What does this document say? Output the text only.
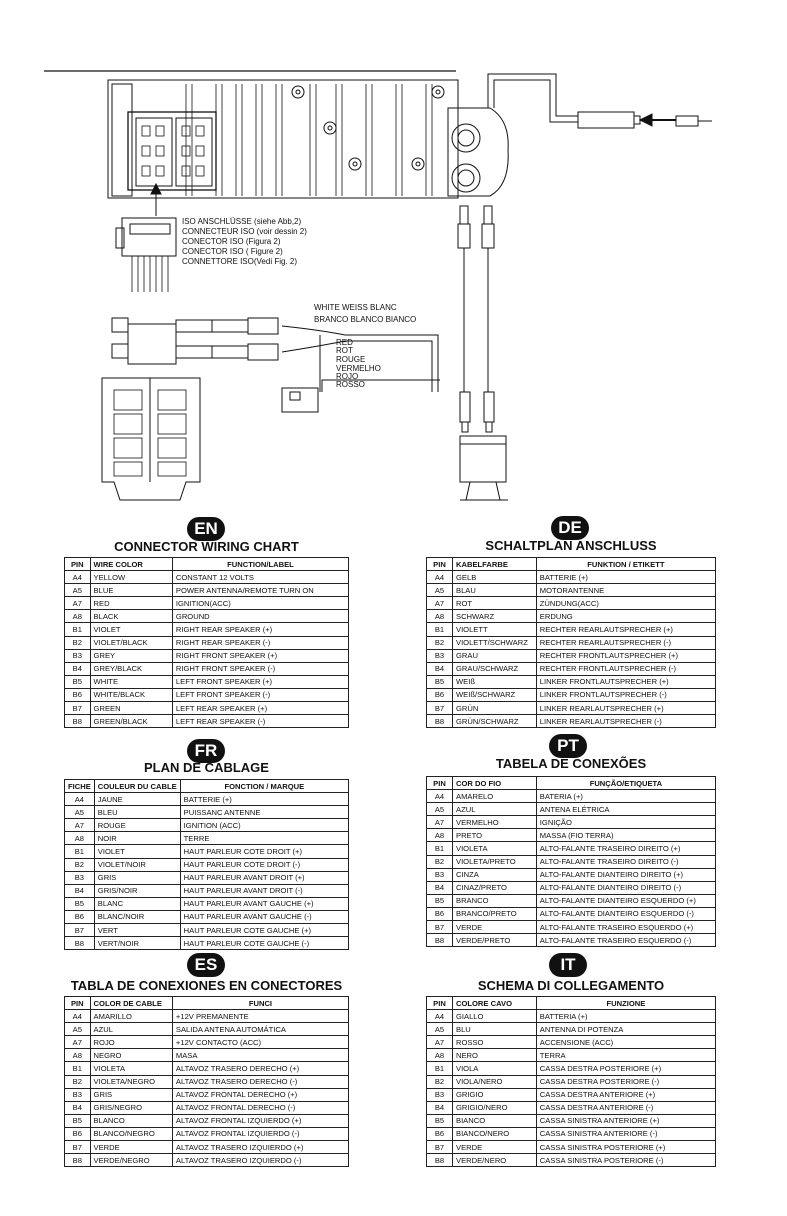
ISO ANSCHLÜSSE (siehe Abb,2)
CONNECTEUR ISO (voir dessin 2)
CONECTOR ISO (Figura 2)
CONECTOR ISO ( Figure 2)
CONNETTORE ISO(Vedi Fig. 2)
WHITE WEISS BLANC
BRANCO BLANCO BIANCO
RED
ROT
ROUGE
VERMELHO
ROJO
ROSSO
EN
CONNECTOR WIRING CHART
PIN	WIRE COLOR	FUNCTION/LABEL
A4	YELLOW	CONSTANT 12 VOLTS
A5	BLUE	POWER ANTENNA/REMOTE TURN ON
A7	RED	IGNITION(ACC)
A8	BLACK	GROUND
B1	VIOLET	RIGHT REAR SPEAKER (+)
B2	VIOLET/BLACK	RIGHT REAR SPEAKER (-)
B3	GREY	RIGHT FRONT SPEAKER (+)
B4	GREY/BLACK	RIGHT FRONT SPEAKER (-)
B5	WHITE	LEFT FRONT SPEAKER (+)
B6	WHITE/BLACK	LEFT FRONT SPEAKER (-)
B7	GREEN	LEFT REAR SPEAKER (+)
B8	GREEN/BLACK	LEFT REAR SPEAKER (-)
DE
SCHALTPLAN ANSCHLUSS
PIN	KABELFARBE	FUNKTION / ETIKETT
A4	GELB	BATTERIE (+)
A5	BLAU	MOTORANTENNE
A7	ROT	ZÜNDUNG(ACC)
A8	SCHWARZ	ERDUNG
B1	VIOLETT	RECHTER REARLAUTSPRECHER (+)
B2	VIOLETT/SCHWARZ	RECHTER REARLAUTSPRECHER (-)
B3	GRAU	RECHTER FRONTLAUTSPRECHER (+)
B4	GRAU/SCHWARZ	RECHTER FRONTLAUTSPRECHER (-)
B5	WEIß	LINKER FRONTLAUTSPRECHER (+)
B6	WEIß/SCHWARZ	LINKER FRONTLAUTSPRECHER (-)
B7	GRÜN	LINKER REARLAUTSPRECHER (+)
B8	GRÜN/SCHWARZ	LINKER REARLAUTSPRECHER (-)
FR
PLAN DE CABLAGE
FICHE	COULEUR DU CABLE	FONCTION / MARQUE
A4	JAUNE	BATTERIE (+)
A5	BLEU	PUISSANC ANTENNE
A7	ROUGE	IGNITION (ACC)
A8	NOIR	TERRE
B1	VIOLET	HAUT PARLEUR COTE DROIT (+)
B2	VIOLET/NOIR	HAUT PARLEUR COTE DROIT (-)
B3	GRIS	HAUT PARLEUR AVANT DROIT (+)
B4	GRIS/NOIR	HAUT PARLEUR AVANT DROIT (-)
B5	BLANC	HAUT PARLEUR AVANT GAUCHE (+)
B6	BLANC/NOIR	HAUT PARLEUR AVANT GAUCHE (-)
B7	VERT	HAUT PARLEUR COTE GAUCHE (+)
B8	VERT/NOIR	HAUT PARLEUR COTE GAUCHE (-)
PT
TABELA DE CONEXÕES
PIN	COR DO FIO	FUNÇÃO/ETIQUETA
A4	AMARELO	BATERIA (+)
A5	AZUL	ANTENA ELÉTRICA
A7	VERMELHO	IGNIÇÃO
A8	PRETO	MASSA (FIO TERRA)
B1	VIOLETA	ALTO-FALANTE TRASEIRO DIREITO (+)
B2	VIOLETA/PRETO	ALTO-FALANTE TRASEIRO DIREITO (-)
B3	CINZA	ALTO-FALANTE DIANTEIRO DIREITO (+)
B4	CINAZ/PRETO	ALTO-FALANTE DIANTEIRO DIREITO (-)
B5	BRANCO	ALTO-FALANTE DIANTEIRO ESQUERDO (+)
B6	BRANCO/PRETO	ALTO-FALANTE DIANTEIRO ESQUERDO (-)
B7	VERDE	ALTO-FALANTE TRASEIRO ESQUERDO (+)
B8	VERDE/PRETO	ALTO-FALANTE TRASEIRO ESQUERDO (-)
ES
TABLA DE CONEXIONES EN CONECTORES
PIN	COLOR DE CABLE	FUNCI
A4	AMARILLO	+12V PREMANENTE
A5	AZUL	SALIDA ANTENA AUTOMÁTICA
A7	ROJO	+12V CONTACTO (ACC)
A8	NEGRO	MASA
B1	VIOLETA	ALTAVOZ TRASERO DERECHO (+)
B2	VIOLETA/NEGRO	ALTAVOZ TRASERO DERECHO (-)
B3	GRIS	ALTAVOZ FRONTAL DERECHO (+)
B4	GRIS/NEGRO	ALTAVOZ FRONTAL DERECHO (-)
B5	BLANCO	ALTAVOZ FRONTAL IZQUIERDO (+)
B6	BLANCO/NEGRO	ALTAVOZ FRONTAL IZQUIERDO (-)
B7	VERDE	ALTAVOZ TRASERO IZQUIERDO (+)
B8	VERDE/NEGRO	ALTAVOZ TRASERO IZQUIERDO (-)
IT
SCHEMA DI COLLEGAMENTO
PIN	COLORE CAVO	FUNZIONE
A4	GIALLO	BATTERIA (+)
A5	BLU	ANTENNA DI POTENZA
A7	ROSSO	ACCENSIONE (ACC)
A8	NERO	TERRA
B1	VIOLA	CASSA DESTRA POSTERIORE (+)
B2	VIOLA/NERO	CASSA DESTRA POSTERIORE (-)
B3	GRIGIO	CASSA DESTRA ANTERIORE (+)
B4	GRIGIO/NERO	CASSA DESTRA ANTERIORE (-)
B5	BIANCO	CASSA SINISTRA ANTERIORE (+)
B6	BIANCO/NERO	CASSA SINISTRA ANTERIORE (-)
B7	VERDE	CASSA SINISTRA POSTERIORE (+)
B8	VERDE/NERO	CASSA SINISTRA POSTERIORE (-)
